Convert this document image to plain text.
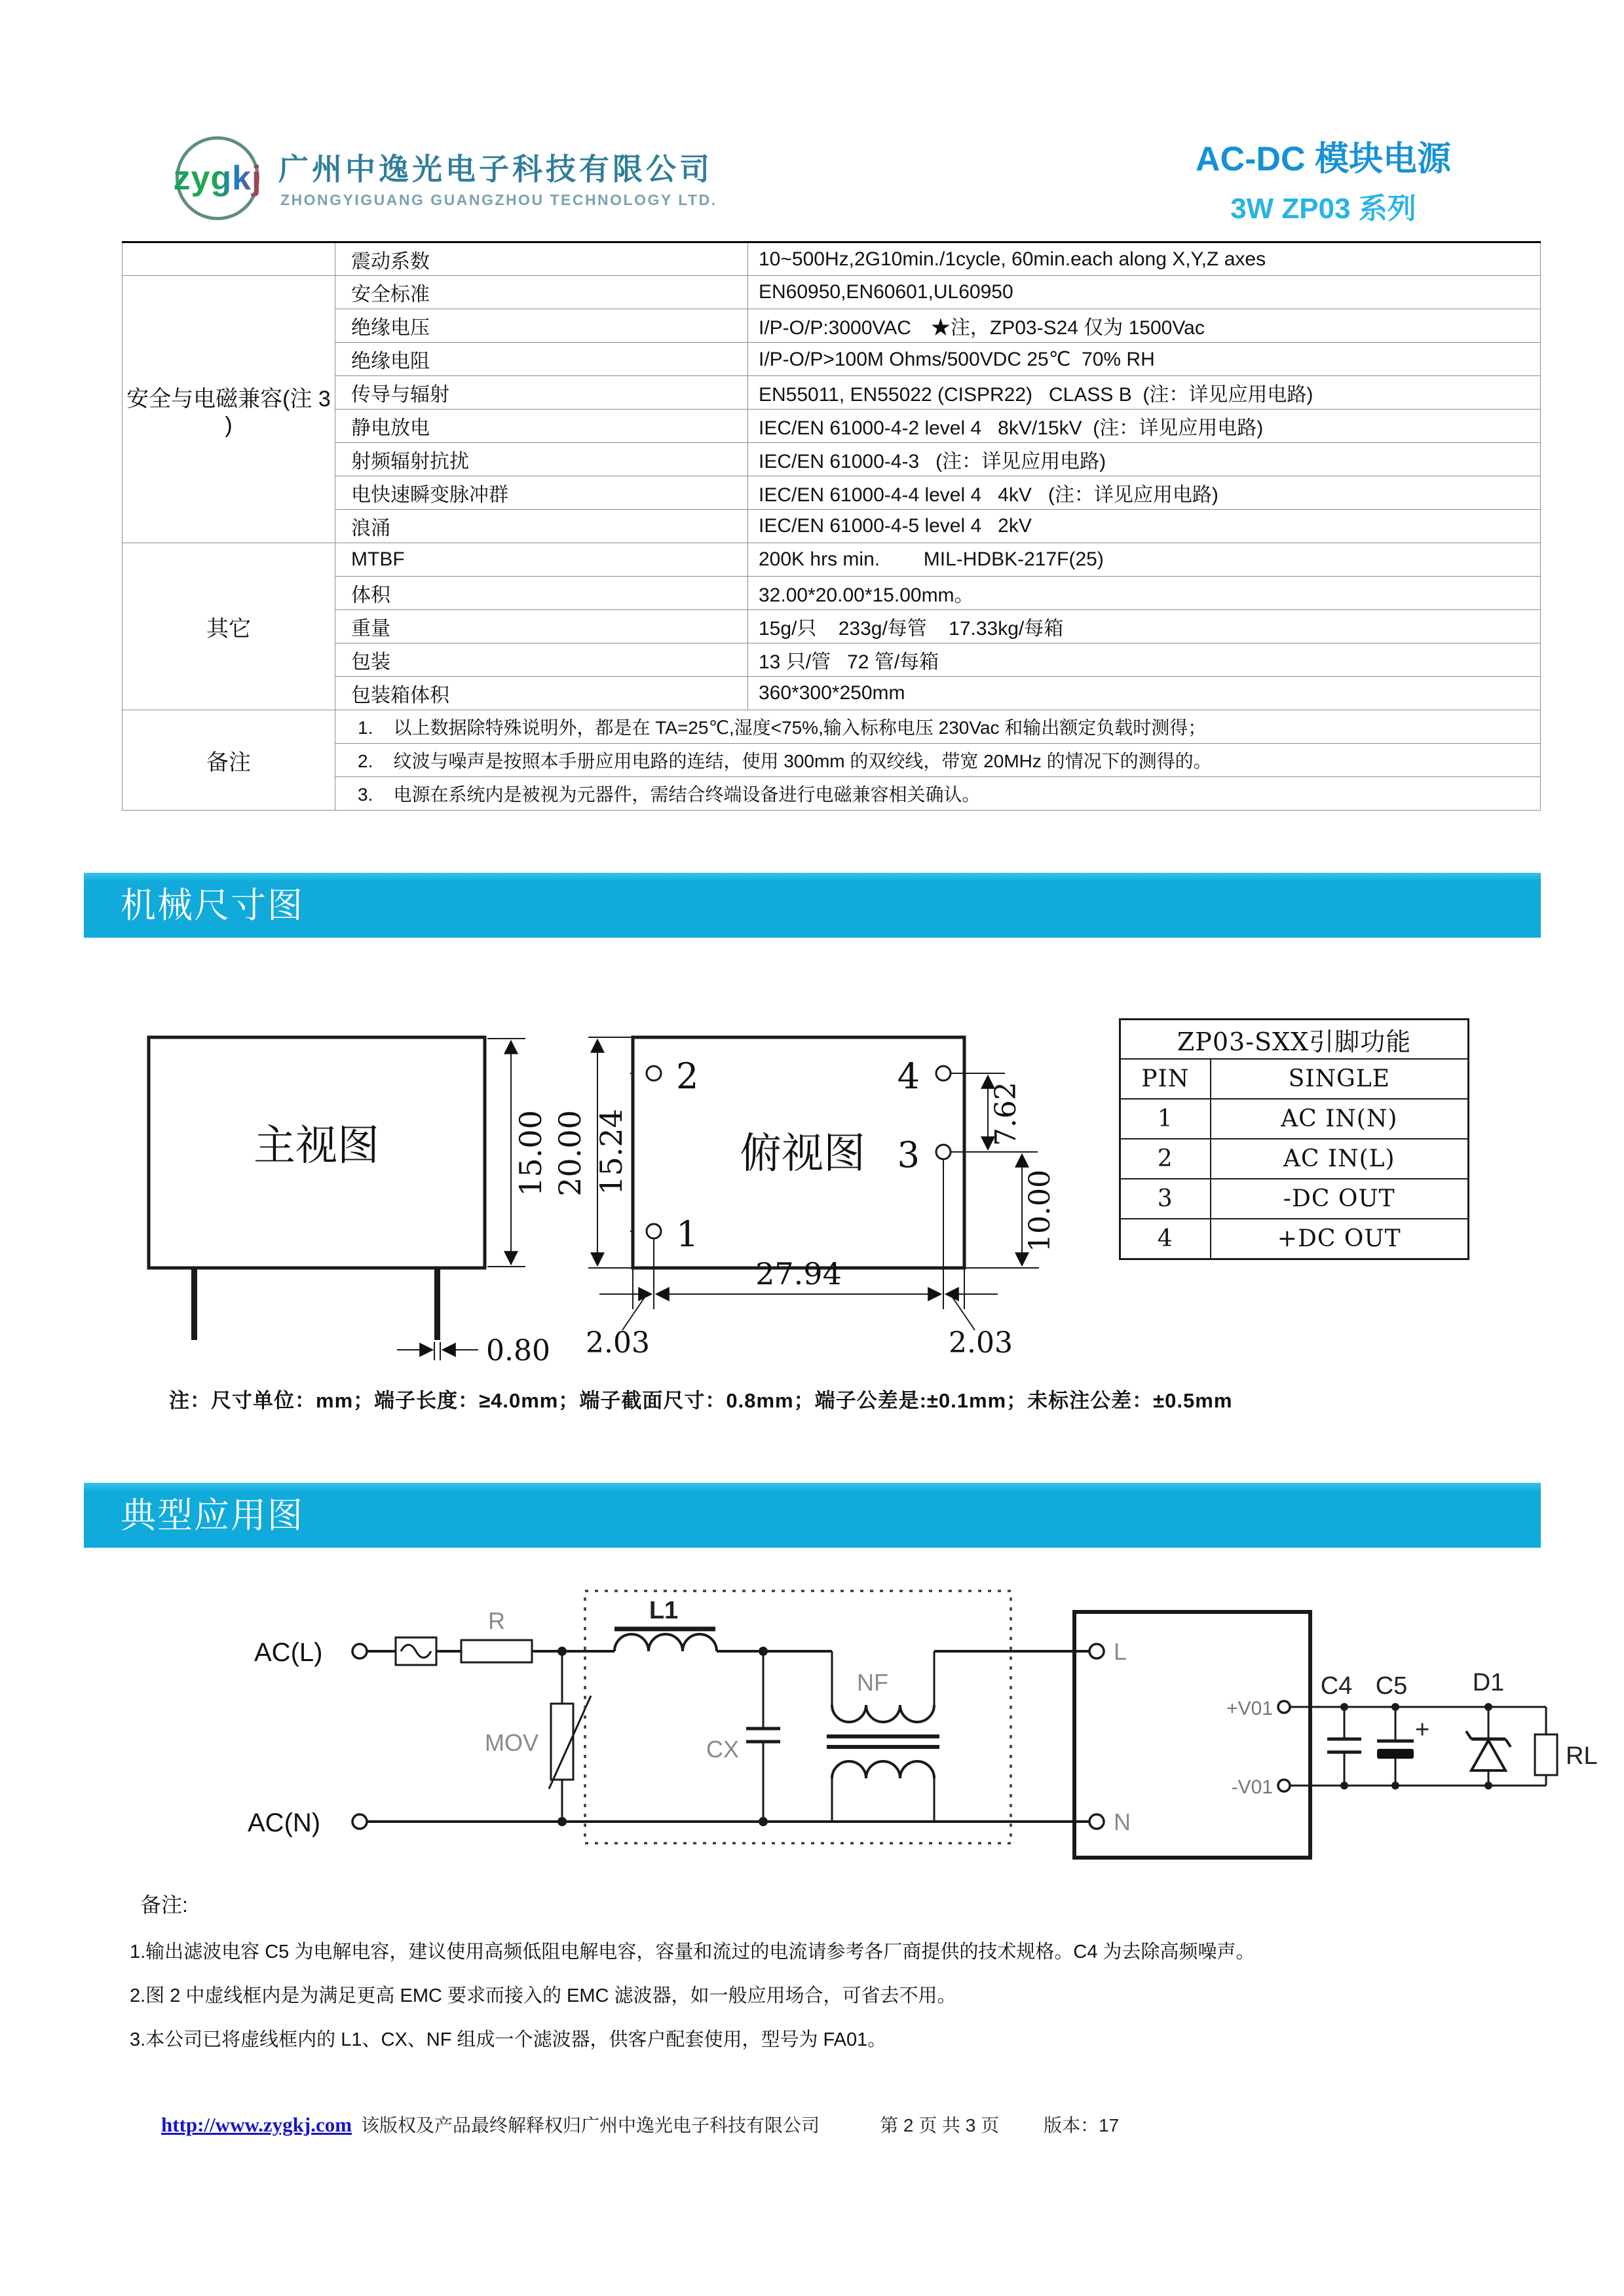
zygkj 广州中逸光电子科技有限公司
ZHONGYIGUANG GUANGZHOU TECHNOLOGY LTD.
AC-DC 模块电源
3W ZP03 系列
	震动系数	10~500Hz,2G10min./1cycle, 60min.each along X,Y,Z axes
安全与电磁兼容(注 3 )	安全标准	EN60950,EN60601,UL60950
	绝缘电压	I/P-O/P:3000VAC　★注，ZP03-S24 仅为 1500Vac
	绝缘电阻	I/P-O/P>100M Ohms/500VDC 25℃  70% RH
	传导与辐射	EN55011, EN55022 (CISPR22)   CLASS B  (注：详见应用电路)
	静电放电	IEC/EN 61000-4-2 level 4   8kV/15kV  (注：详见应用电路)
	射频辐射抗扰	IEC/EN 61000-4-3   (注：详见应用电路)
	电快速瞬变脉冲群	IEC/EN 61000-4-4 level 4   4kV   (注：详见应用电路)
	浪涌	IEC/EN 61000-4-5 level 4   2kV
其它	MTBF	200K hrs min.        MIL-HDBK-217F(25)
	体积	32.00*20.00*15.00mm。
	重量	15g/只    233g/每管    17.33kg/每箱
	包装	13 只/管   72 管/每箱
	包装箱体积	360*300*250mm
备注	1.    以上数据除特殊说明外，都是在 TA=25℃,湿度<75%,输入标称电压 230Vac 和输出额定负载时测得；	
	2.    纹波与噪声是按照本手册应用电路的连结，使用 300mm 的双绞线，带宽 20MHz 的情况下的测得的。	
	3.    电源在系统内是被视为元器件，需结合终端设备进行电磁兼容相关确认。	
机械尺寸图
主视图	15.00
0.80
20.00 15.24	俯视图
2	4
3
1
7.62
10.00
27.94
2.03	2.03
ZP03-SXX引脚功能	
PIN	SINGLE
1	AC IN(N)
2	AC IN(L)
3	-DC OUT
4	+DC OUT
注：尺寸单位：mm；端子长度：≥4.0mm；端子截面尺寸：0.8mm；端子公差是:±0.1mm；未标注公差：±0.5mm
典型应用图
AC(L)
AC(N)
R
MOV
L1
CX
NF
L
N
+V01
-V01
C4 C5
+
D1
RL
备注:

1.输出滤波电容 C5 为电解电容，建议使用高频低阻电解电容，容量和流过的电流请参考各厂商提供的技术规格。C4 为去除高频噪声。

2.图 2 中虚线框内是为满足更高 EMC 要求而接入的 EMC 滤波器，如一般应用场合，可省去不用。

3.本公司已将虚线框内的 L1、CX、NF 组成一个滤波器，供客户配套使用，型号为 FA01。

http://www.zygkj.com 该版权及产品最终解释权归广州中逸光电子科技有限公司	第 2 页 共 3 页 版本：17
